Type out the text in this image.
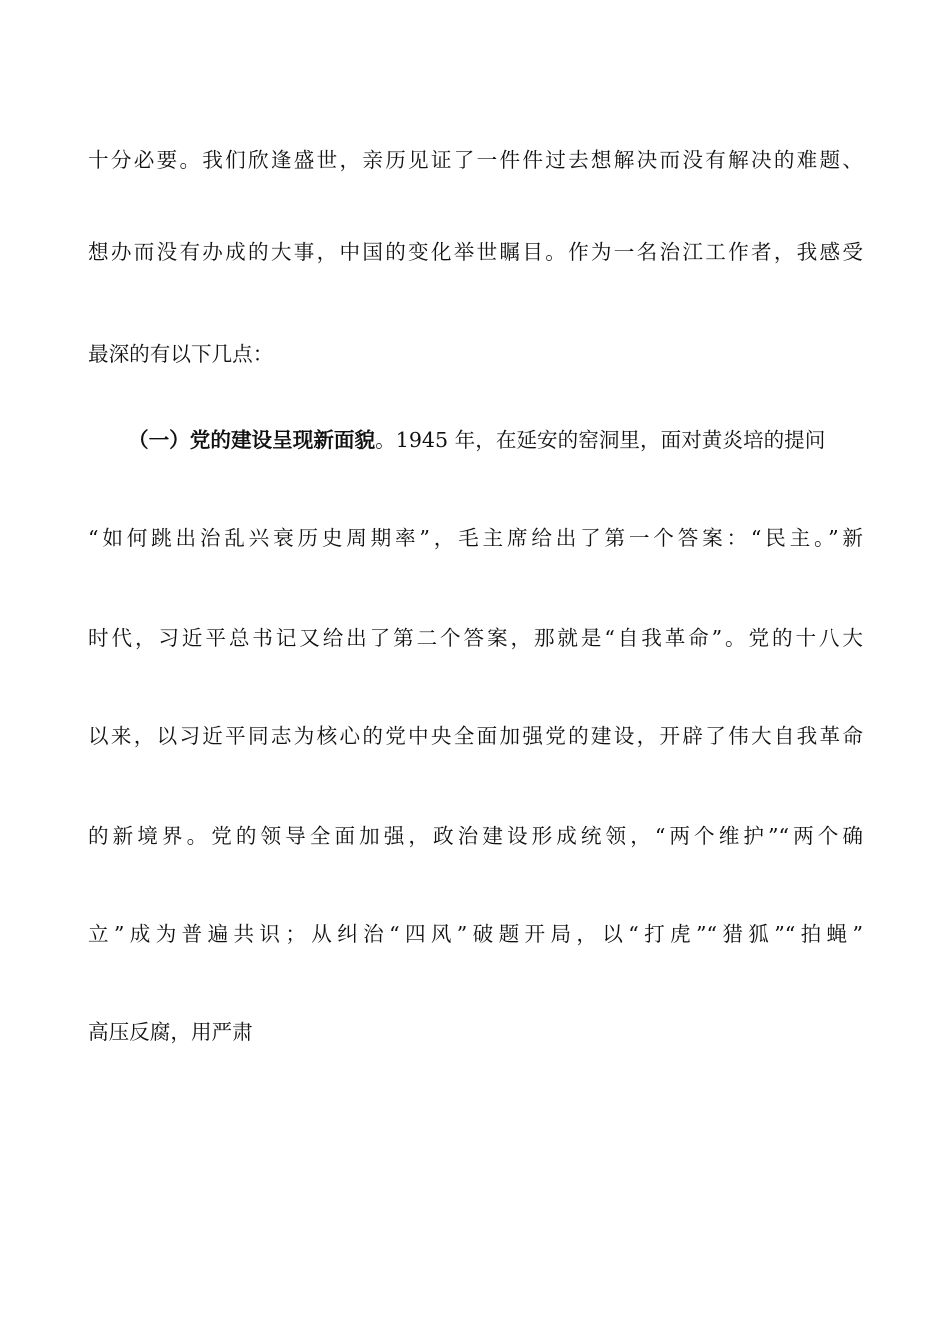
十分必要。我们欣逢盛世，亲历见证了一件件过去想解决而没有解决的难题、
想办而没有办成的大事，中国的变化举世瞩目。作为一名治江工作者，我感受
最深的有以下几点：
（一）党的建设呈现新面貌。1945 年，在延安的窑洞里，面对黄炎培的提问
“如何跳出治乱兴衰历史周期率”，毛主席给出了第一个答案：“民主。”新
时代，习近平总书记又给出了第二个答案，那就是“自我革命”。党的十八大
以来，以习近平同志为核心的党中央全面加强党的建设，开辟了伟大自我革命
的新境界。党的领导全面加强，政治建设形成统领，“两个维护”“两个确
立”成为普遍共识；从纠治“四风”破题开局，以“打虎”“猎狐”“拍蝇”
高压反腐，用严肃
